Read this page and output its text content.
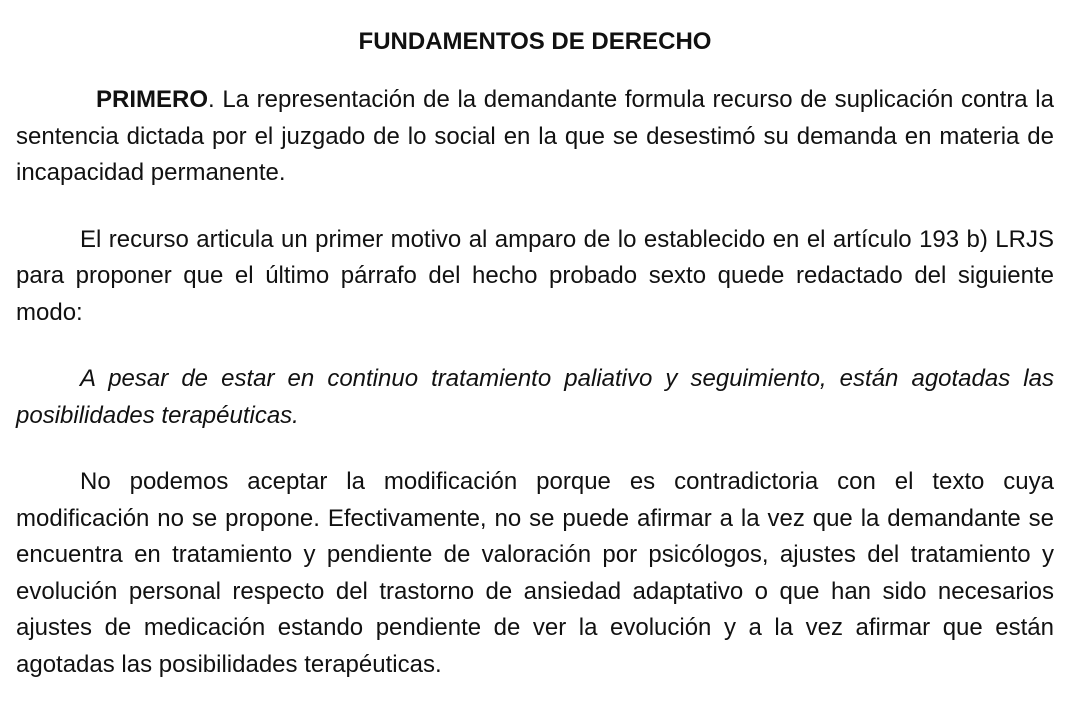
FUNDAMENTOS DE DERECHO

PRIMERO. La representación de la demandante formula recurso de suplicación contra la sentencia dictada por el juzgado de lo social en la que se desestimó su demanda en materia de incapacidad permanente.

El recurso articula un primer motivo al amparo de lo establecido en el artículo 193 b) LRJS para proponer que el último párrafo del hecho probado sexto quede redactado del siguiente modo:

A pesar de estar en continuo tratamiento paliativo y seguimiento, están agotadas las posibilidades terapéuticas.

No podemos aceptar la modificación porque es contradictoria con el texto cuya modificación no se propone. Efectivamente, no se puede afirmar a la vez que la demandante se encuentra en tratamiento y pendiente de valoración por psicólogos, ajustes del tratamiento y evolución personal respecto del trastorno de ansiedad adaptativo o que han sido necesarios ajustes de medicación estando pendiente de ver la evolución y a la vez afirmar que están agotadas las posibilidades terapéuticas.
